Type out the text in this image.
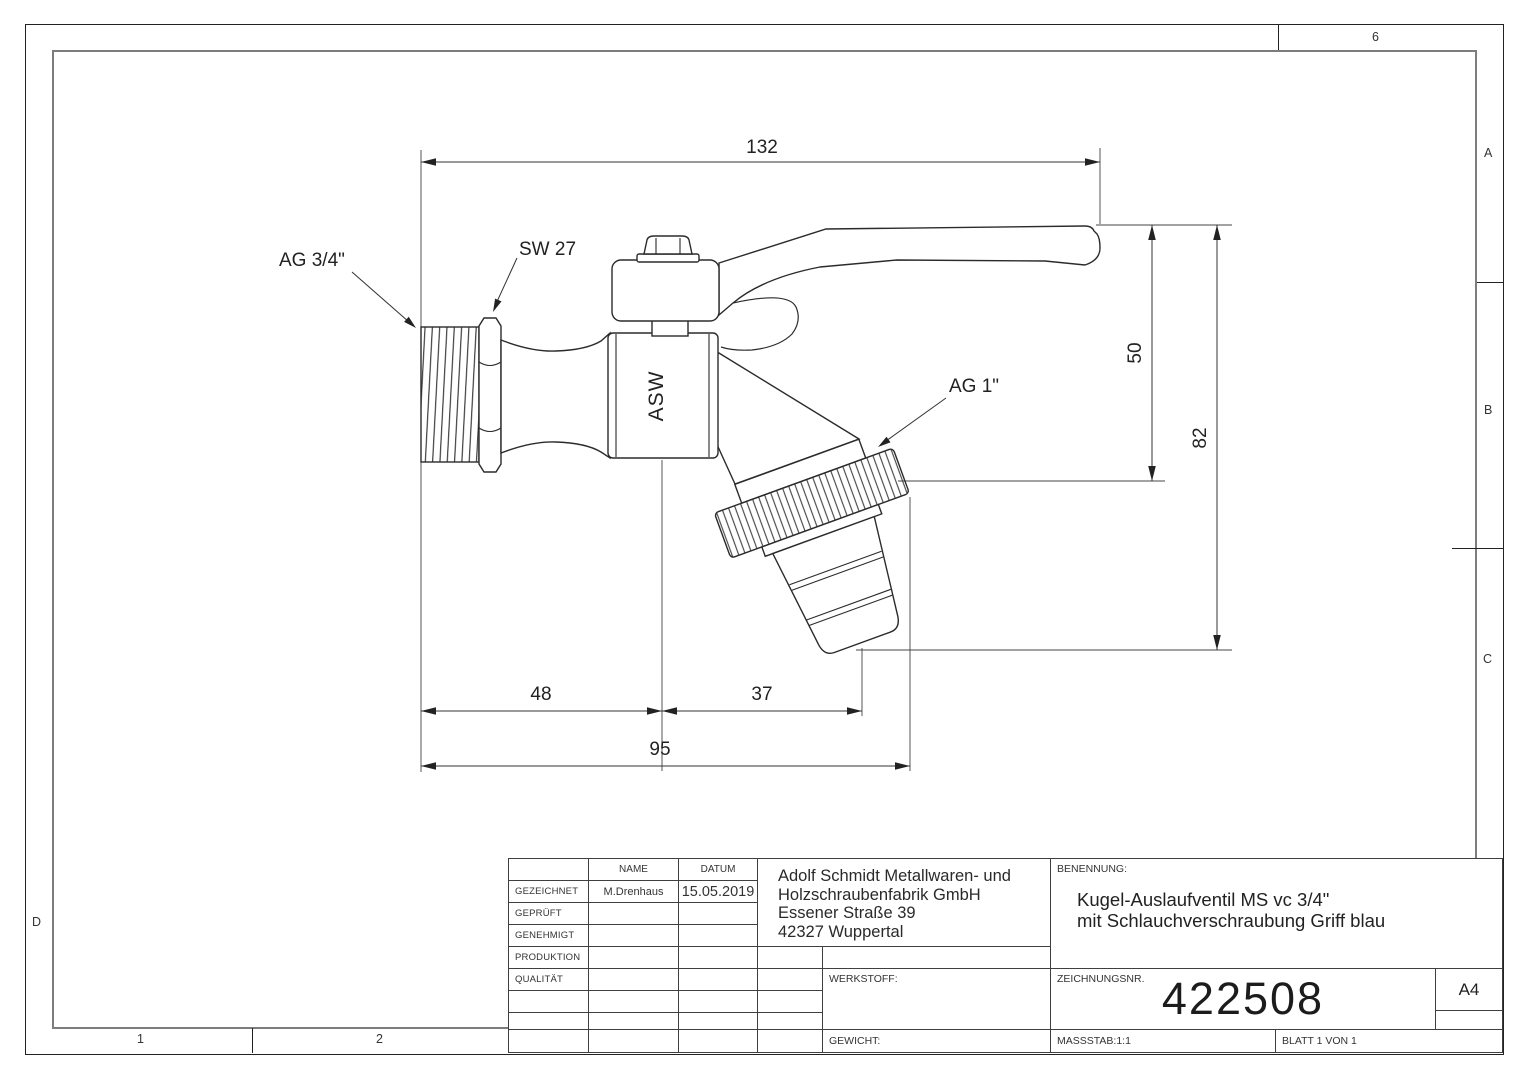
6
A
B
C
D
1	2
132
50
82
48	37
95
ASW
AG 3/4"
SW 27
AG 1"
NAME	DATUM
GEZEICHNET	M.Drenhaus	15.05.2019
GEPRÜFT
GENEHMIGT
PRODUKTION
QUALITÄT
Adolf Schmidt Metallwaren- und
Holzschraubenfabrik GmbH
Essener Straße 39
42327 Wuppertal
WERKSTOFF:
GEWICHT:
BENENNUNG:
Kugel-Auslaufventil MS vc 3/4"
mit Schlauchverschraubung Griff blau
ZEICHNUNGSNR. 422508	A4
MASSSTAB:1:1	BLATT 1 VON 1
